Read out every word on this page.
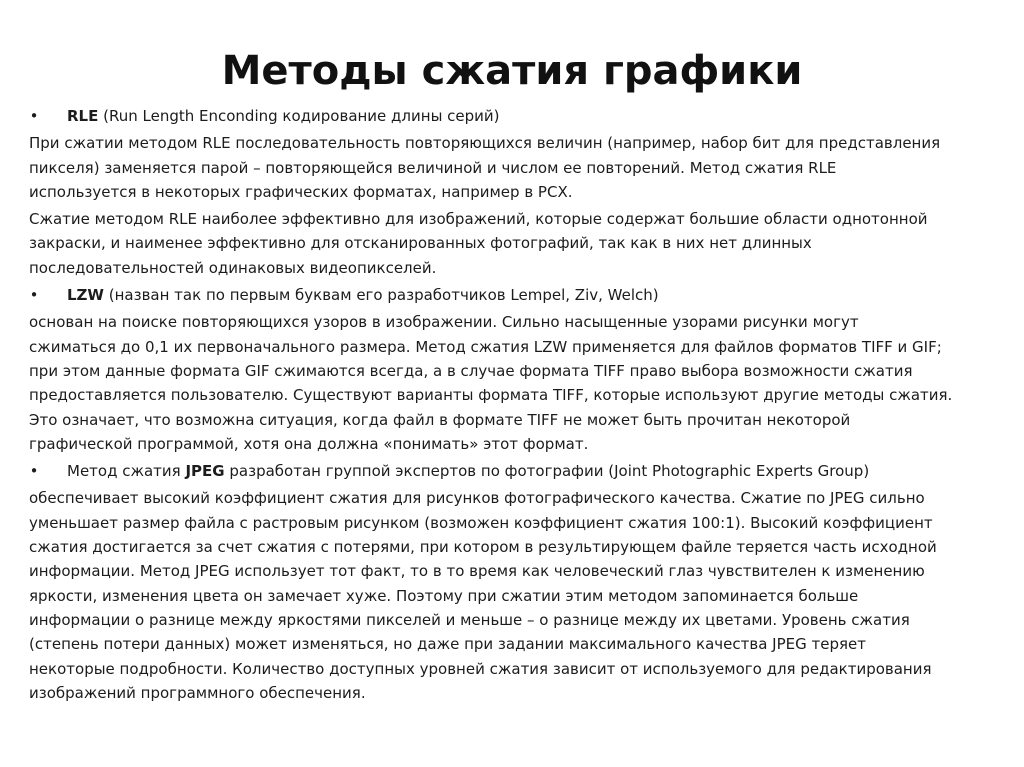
Методы сжатия графики
• RLE (Run Length Enconding кодирование длины серий)
При сжатии методом RLE последовательность повторяющихся величин (например, набор бит для представления
пикселя) заменяется парой – повторяющейся величиной и числом ее повторений. Метод сжатия RLE
используется в некоторых графических форматах, например в PCX.
Сжатие методом RLE наиболее эффективно для изображений, которые содержат большие области однотонной
закраски, и наименее эффективно для отсканированных фотографий, так как в них нет длинных
последовательностей одинаковых видеопикселей.
• LZW (назван так по первым буквам его разработчиков Lempel, Ziv, Welch)
основан на поиске повторяющихся узоров в изображении. Сильно насыщенные узорами рисунки могут
сжиматься до 0,1 их первоначального размера. Метод сжатия LZW применяется для файлов форматов TIFF и GIF;
при этом данные формата GIF сжимаются всегда, а в случае формата TIFF право выбора возможности сжатия
предоставляется пользователю. Существуют варианты формата TIFF, которые используют другие методы сжатия.
Это означает, что возможна ситуация, когда файл в формате TIFF не может быть прочитан некоторой
графической программой, хотя она должна «понимать» этот формат.
• Метод сжатия JPEG разработан группой экспертов по фотографии (Joint Photographic Experts Group)
обеспечивает высокий коэффициент сжатия для рисунков фотографического качества. Сжатие по JPEG сильно
уменьшает размер файла с растровым рисунком (возможен коэффициент сжатия 100:1). Высокий коэффициент
сжатия достигается за счет сжатия с потерями, при котором в результирующем файле теряется часть исходной
информации. Метод JPEG использует тот факт, то в то время как человеческий глаз чувствителен к изменению
яркости, изменения цвета он замечает хуже. Поэтому при сжатии этим методом запоминается больше
информации о разнице между яркостями пикселей и меньше – о разнице между их цветами. Уровень сжатия
(степень потери данных) может изменяться, но даже при задании максимального качества JPEG теряет
некоторые подробности. Количество доступных уровней сжатия зависит от используемого для редактирования
изображений программного обеспечения.
